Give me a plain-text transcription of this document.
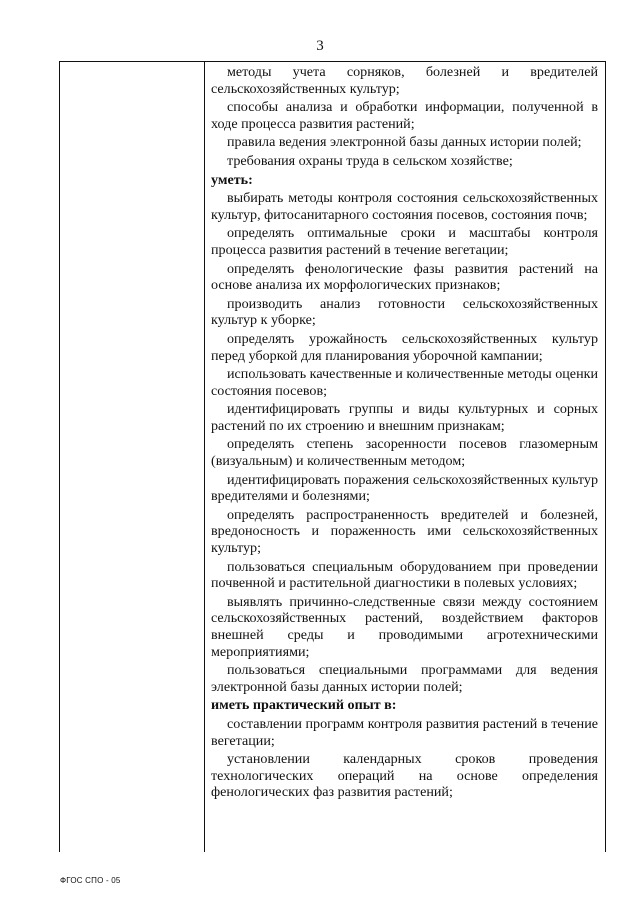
3
методы учета сорняков, болезней и вредителей сельскохозяйственных культур;
способы анализа и обработки информации, полученной в ходе процесса развития растений;
правила ведения электронной базы данных истории полей;
требования охраны труда в сельском хозяйстве;
уметь:
выбирать методы контроля состояния сельскохозяйственных культур, фитосанитарного состояния посевов, состояния почв;
определять оптимальные сроки и масштабы контроля процесса развития растений в течение вегетации;
определять фенологические фазы развития растений на основе анализа их морфологических признаков;
производить анализ готовности сельскохозяйственных культур к уборке;
определять урожайность сельскохозяйственных культур перед уборкой для планирования уборочной кампании;
использовать качественные и количественные методы оценки состояния посевов;
идентифицировать группы и виды культурных и сорных растений по их строению и внешним признакам;
определять степень засоренности посевов глазомерным (визуальным) и количественным методом;
идентифицировать поражения сельскохозяйственных культур вредителями и болезнями;
определять распространенность вредителей и болезней, вредоносность и пораженность ими сельскохозяйственных культур;
пользоваться специальным оборудованием при проведении почвенной и растительной диагностики в полевых условиях;
выявлять причинно-следственные связи между состоянием сельскохозяйственных растений, воздействием факторов внешней среды и проводимыми агротехническими мероприятиями;
пользоваться специальными программами для ведения электронной базы данных истории полей;
иметь практический опыт в:
составлении программ контроля развития растений в течение вегетации;
установлении календарных сроков проведения технологических операций на основе определения фенологических фаз развития растений;
ФГОС СПО - 05
